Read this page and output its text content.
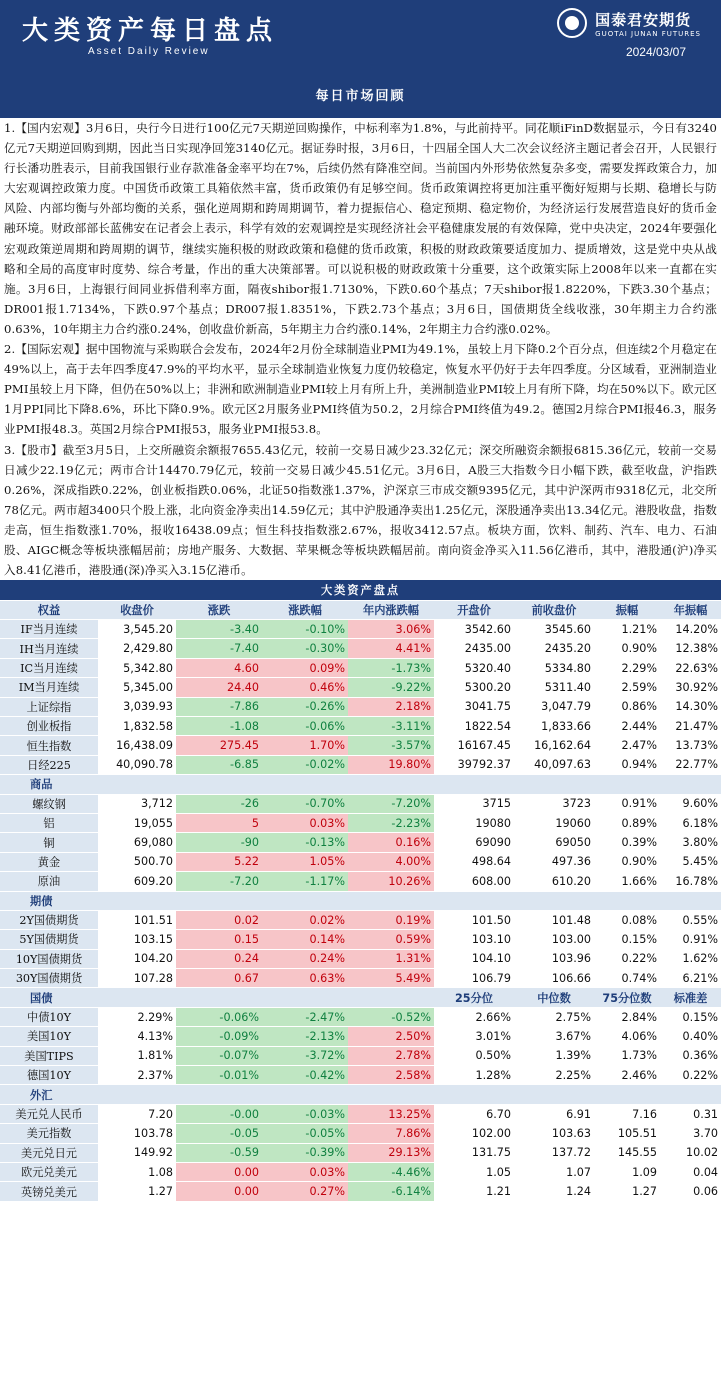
大类资产每日盘点
Asset Daily Review
国泰君安期货
GUOTAI JUNAN FUTURES
2024/03/07
每日市场回顾

1.【国内宏观】3月6日，央行今日进行100亿元7天期逆回购操作，中标利率为1.8%，与此前持平。同花顺iFinD数据显示，今日有3240亿元7天期逆回购到期，因此当日实现净回笼3140亿元。据证券时报，3月6日，十四届全国人大二次会议经济主题记者会召开，人民银行行长潘功胜表示，目前我国银行业存款准备金率平均在7%，后续仍然有降准空间。当前国内外形势依然复杂多变，需要发挥政策合力，加大宏观调控政策力度。中国货币政策工具箱依然丰富，货币政策仍有足够空间。货币政策调控将更加注重平衡好短期与长期、稳增长与防风险、内部均衡与外部均衡的关系，强化逆周期和跨周期调节，着力提振信心、稳定预期、稳定物价，为经济运行发展营造良好的货币金融环境。财政部部长蓝佛安在记者会上表示，科学有效的宏观调控是实现经济社会平稳健康发展的有效保障，党中央决定，2024年要强化宏观政策逆周期和跨周期的调节，继续实施积极的财政政策和稳健的货币政策，积极的财政政策要适度加力、提质增效，这是党中央从战略和全局的高度审时度势、综合考量，作出的重大决策部署。可以说积极的财政政策十分重要，这个政策实际上2008年以来一直都在实施。3月6日，上海银行间同业拆借利率方面，隔夜shibor报1.7130%，下跌0.60个基点；7天shibor报1.8220%，下跌3.30个基点；DR001报1.7134%，下跌0.97个基点；DR007报1.8351%，下跌2.73个基点；3月6日，国债期货全线收涨，30年期主力合约涨0.63%，10年期主力合约涨0.24%，创收盘价新高，5年期主力合约涨0.14%，2年期主力合约涨0.02%。

2.【国际宏观】据中国物流与采购联合会发布，2024年2月份全球制造业PMI为49.1%，虽较上月下降0.2个百分点，但连续2个月稳定在49%以上，高于去年四季度47.9%的平均水平，显示全球制造业恢复力度仍较稳定，恢复水平仍好于去年四季度。分区域看，亚洲制造业PMI虽较上月下降，但仍在50%以上；非洲和欧洲制造业PMI较上月有所上升，美洲制造业PMI较上月有所下降，均在50%以下。欧元区1月PPI同比下降8.6%，环比下降0.9%。欧元区2月服务业PMI终值为50.2，2月综合PMI终值为49.2。德国2月综合PMI报46.3，服务业PMI报48.3。英国2月综合PMI报53，服务业PMI报53.8。

3.【股市】截至3月5日，上交所融资余额报7655.43亿元，较前一交易日减少23.32亿元；深交所融资余额报6815.36亿元，较前一交易日减少22.19亿元；两市合计14470.79亿元，较前一交易日减少45.51亿元。3月6日，A股三大指数今日小幅下跌，截至收盘，沪指跌0.26%，深成指跌0.22%，创业板指跌0.06%，北证50指数涨1.37%，沪深京三市成交额9395亿元，其中沪深两市9318亿元，北交所78亿元。两市超3400只个股上涨，北向资金净卖出14.59亿元；其中沪股通净卖出1.25亿元，深股通净卖出13.34亿元。港股收盘，指数走高，恒生指数涨1.70%，报收16438.09点；恒生科技指数涨2.67%，报收3412.57点。板块方面，饮料、制药、汽车、电力、石油股、AIGC概念等板块涨幅居前；房地产服务、大数据、苹果概念等板块跌幅居前。南向资金净买入11.56亿港币，其中，港股通(沪)净买入8.41亿港币，港股通(深)净买入3.15亿港币。

大类资产盘点								
权益	收盘价	涨跌	涨跌幅	年内涨跌幅	开盘价	前收盘价	振幅	年振幅
IF当月连续	3,545.20	-3.40	-0.10%	3.06%	3542.60	3545.60	1.21%	14.20%
IH当月连续	2,429.80	-7.40	-0.30%	4.41%	2435.00	2435.20	0.90%	12.38%
IC当月连续	5,342.80	4.60	0.09%	-1.73%	5320.40	5334.80	2.29%	22.63%
IM当月连续	5,345.00	24.40	0.46%	-9.22%	5300.20	5311.40	2.59%	30.92%
上证综指	3,039.93	-7.86	-0.26%	2.18%	3041.75	3,047.79	0.86%	14.30%
创业板指	1,832.58	-1.08	-0.06%	-3.11%	1822.54	1,833.66	2.44%	21.47%
恒生指数	16,438.09	275.45	1.70%	-3.57%	16167.45	16,162.64	2.47%	13.73%
日经225	40,090.78	-6.85	-0.02%	19.80%	39792.37	40,097.63	0.94%	22.77%
商品								
螺纹钢	3,712	-26	-0.70%	-7.20%	3715	3723	0.91%	9.60%
铝	19,055	5	0.03%	-2.23%	19080	19060	0.89%	6.18%
铜	69,080	-90	-0.13%	0.16%	69090	69050	0.39%	3.80%
黄金	500.70	5.22	1.05%	4.00%	498.64	497.36	0.90%	5.45%
原油	609.20	-7.20	-1.17%	10.26%	608.00	610.20	1.66%	16.78%
期债								
2Y国债期货	101.51	0.02	0.02%	0.19%	101.50	101.48	0.08%	0.55%
5Y国债期货	103.15	0.15	0.14%	0.59%	103.10	103.00	0.15%	0.91%
10Y国债期货	104.20	0.24	0.24%	1.31%	104.10	103.96	0.22%	1.62%
30Y国债期货	107.28	0.67	0.63%	5.49%	106.79	106.66	0.74%	6.21%
国债					25分位	中位数	75分位数	标准差
中债10Y	2.29%	-0.06%	-2.47%	-0.52%	2.66%	2.75%	2.84%	0.15%
美国10Y	4.13%	-0.09%	-2.13%	2.50%	3.01%	3.67%	4.06%	0.40%
美国TIPS	1.81%	-0.07%	-3.72%	2.78%	0.50%	1.39%	1.73%	0.36%
德国10Y	2.37%	-0.01%	-0.42%	2.58%	1.28%	2.25%	2.46%	0.22%
外汇								
美元兑人民币	7.20	-0.00	-0.03%	13.25%	6.70	6.91	7.16	0.31
美元指数	103.78	-0.05	-0.05%	7.86%	102.00	103.63	105.51	3.70
美元兑日元	149.92	-0.59	-0.39%	29.13%	131.75	137.72	145.55	10.02
欧元兑美元	1.08	0.00	0.03%	-4.46%	1.05	1.07	1.09	0.04
英镑兑美元	1.27	0.00	0.27%	-6.14%	1.21	1.24	1.27	0.06
